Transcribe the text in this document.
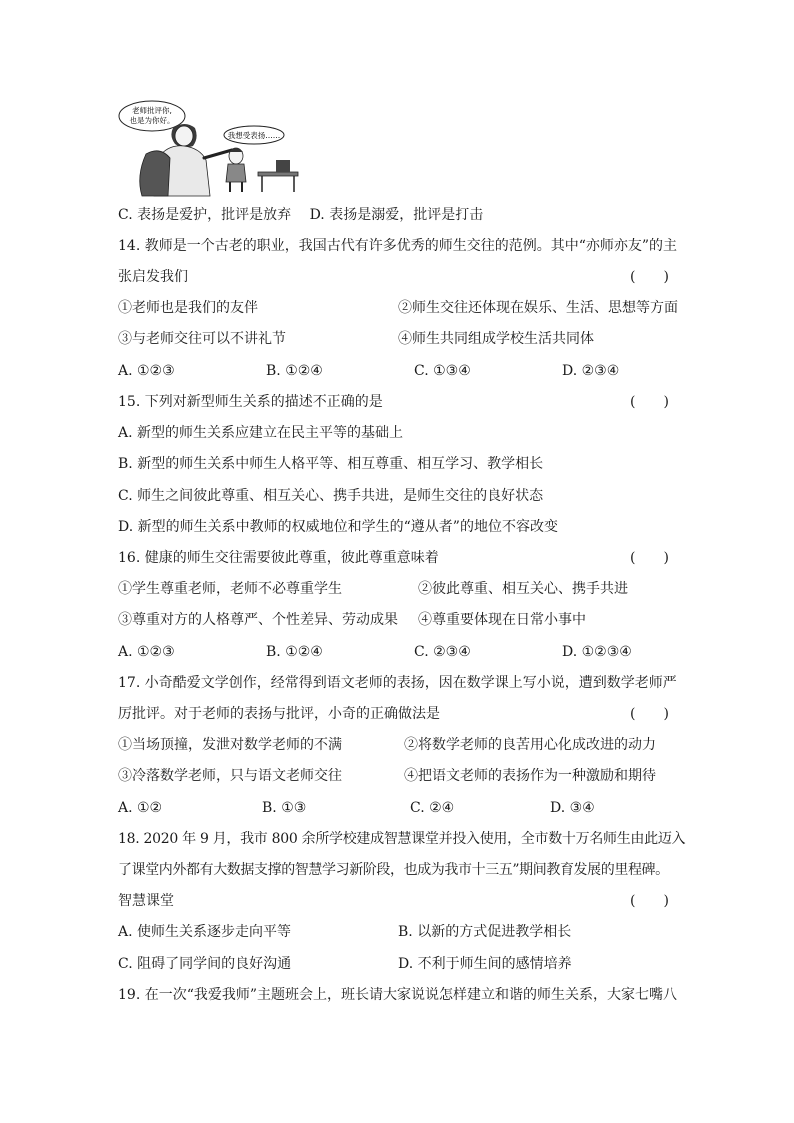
老师批评你,
也是为你好。
我想受表扬……
C. 表扬是爱护，批评是放弃　 D. 表扬是溺爱，批评是打击
14. 教师是一个古老的职业，我国古代有许多优秀的师生交往的范例。其中“亦师亦友”的主
张启发我们	(　　)
①老师也是我们的友伴	②师生交往还体现在娱乐、生活、思想等方面
③与老师交往可以不讲礼节	④师生共同组成学校生活共同体
A. ①②③	B. ①②④	C. ①③④	D. ②③④
15. 下列对新型师生关系的描述不正确的是	(　　)
A. 新型的师生关系应建立在民主平等的基础上
B. 新型的师生关系中师生人格平等、相互尊重、相互学习、教学相长
C. 师生之间彼此尊重、相互关心、携手共进，是师生交往的良好状态
D. 新型的师生关系中教师的权威地位和学生的“遵从者”的地位不容改变
16. 健康的师生交往需要彼此尊重，彼此尊重意味着	(　　)
①学生尊重老师，老师不必尊重学生	②彼此尊重、相互关心、携手共进
③尊重对方的人格尊严、个性差异、劳动成果 ④尊重要体现在日常小事中
A. ①②③	B. ①②④	C. ②③④	D. ①②③④
17. 小奇酷爱文学创作，经常得到语文老师的表扬，因在数学课上写小说，遭到数学老师严
厉批评。对于老师的表扬与批评，小奇的正确做法是	(　　)
①当场顶撞，发泄对数学老师的不满	②将数学老师的良苦用心化成改进的动力
③冷落数学老师，只与语文老师交往	④把语文老师的表扬作为一种激励和期待
A. ①②	B. ①③	C. ②④	D. ③④
18. 2020 年 9 月，我市 800 余所学校建成智慧课堂并投入使用，全市数十万名师生由此迈入
了课堂内外都有大数据支撑的智慧学习新阶段，也成为我市十三五”期间教育发展的里程碑。
智慧课堂	(　　)
A. 使师生关系逐步走向平等	B. 以新的方式促进教学相长
C. 阻碍了同学间的良好沟通	D. 不利于师生间的感情培养
19. 在一次“我爱我师”主题班会上，班长请大家说说怎样建立和谐的师生关系，大家七嘴八
